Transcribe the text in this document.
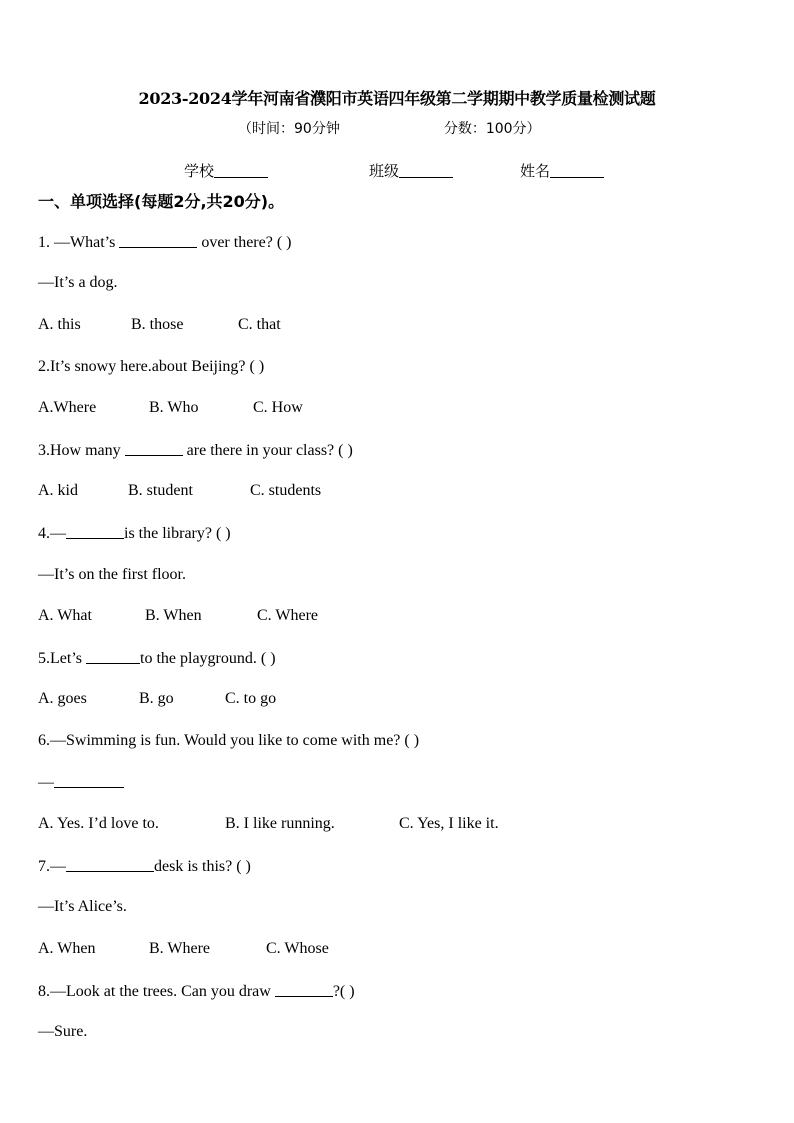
2023-2024学年河南省濮阳市英语四年级第二学期期中教学质量检测试题
（时间：90分钟	分数：100分）
学校	班级	姓名
一、单项选择(每题2分,共20分)。
1. —What’s	over there? ( )
—It’s a dog.
A. this	B. those	C. that
2.It’s snowy here.about Beijing? ( )
A.Where	B. Who	C. How
3.How many	are there in your class? ( )
A. kid	B. student	C. students
4.—	is the library? ( )
—It’s on the first floor.
A. What	B. When	C. Where
5.Let’s	to the playground. ( )
A. goes	B. go	C. to go
6.—Swimming is fun. Would you like to come with me? ( )
—
A. Yes. I’d love to.	B. I like running.	C. Yes, I like it.
7.—	desk is this? ( )
—It’s Alice’s.
A. When	B. Where	C. Whose
8.—Look at the trees. Can you draw	?( )
—Sure.
